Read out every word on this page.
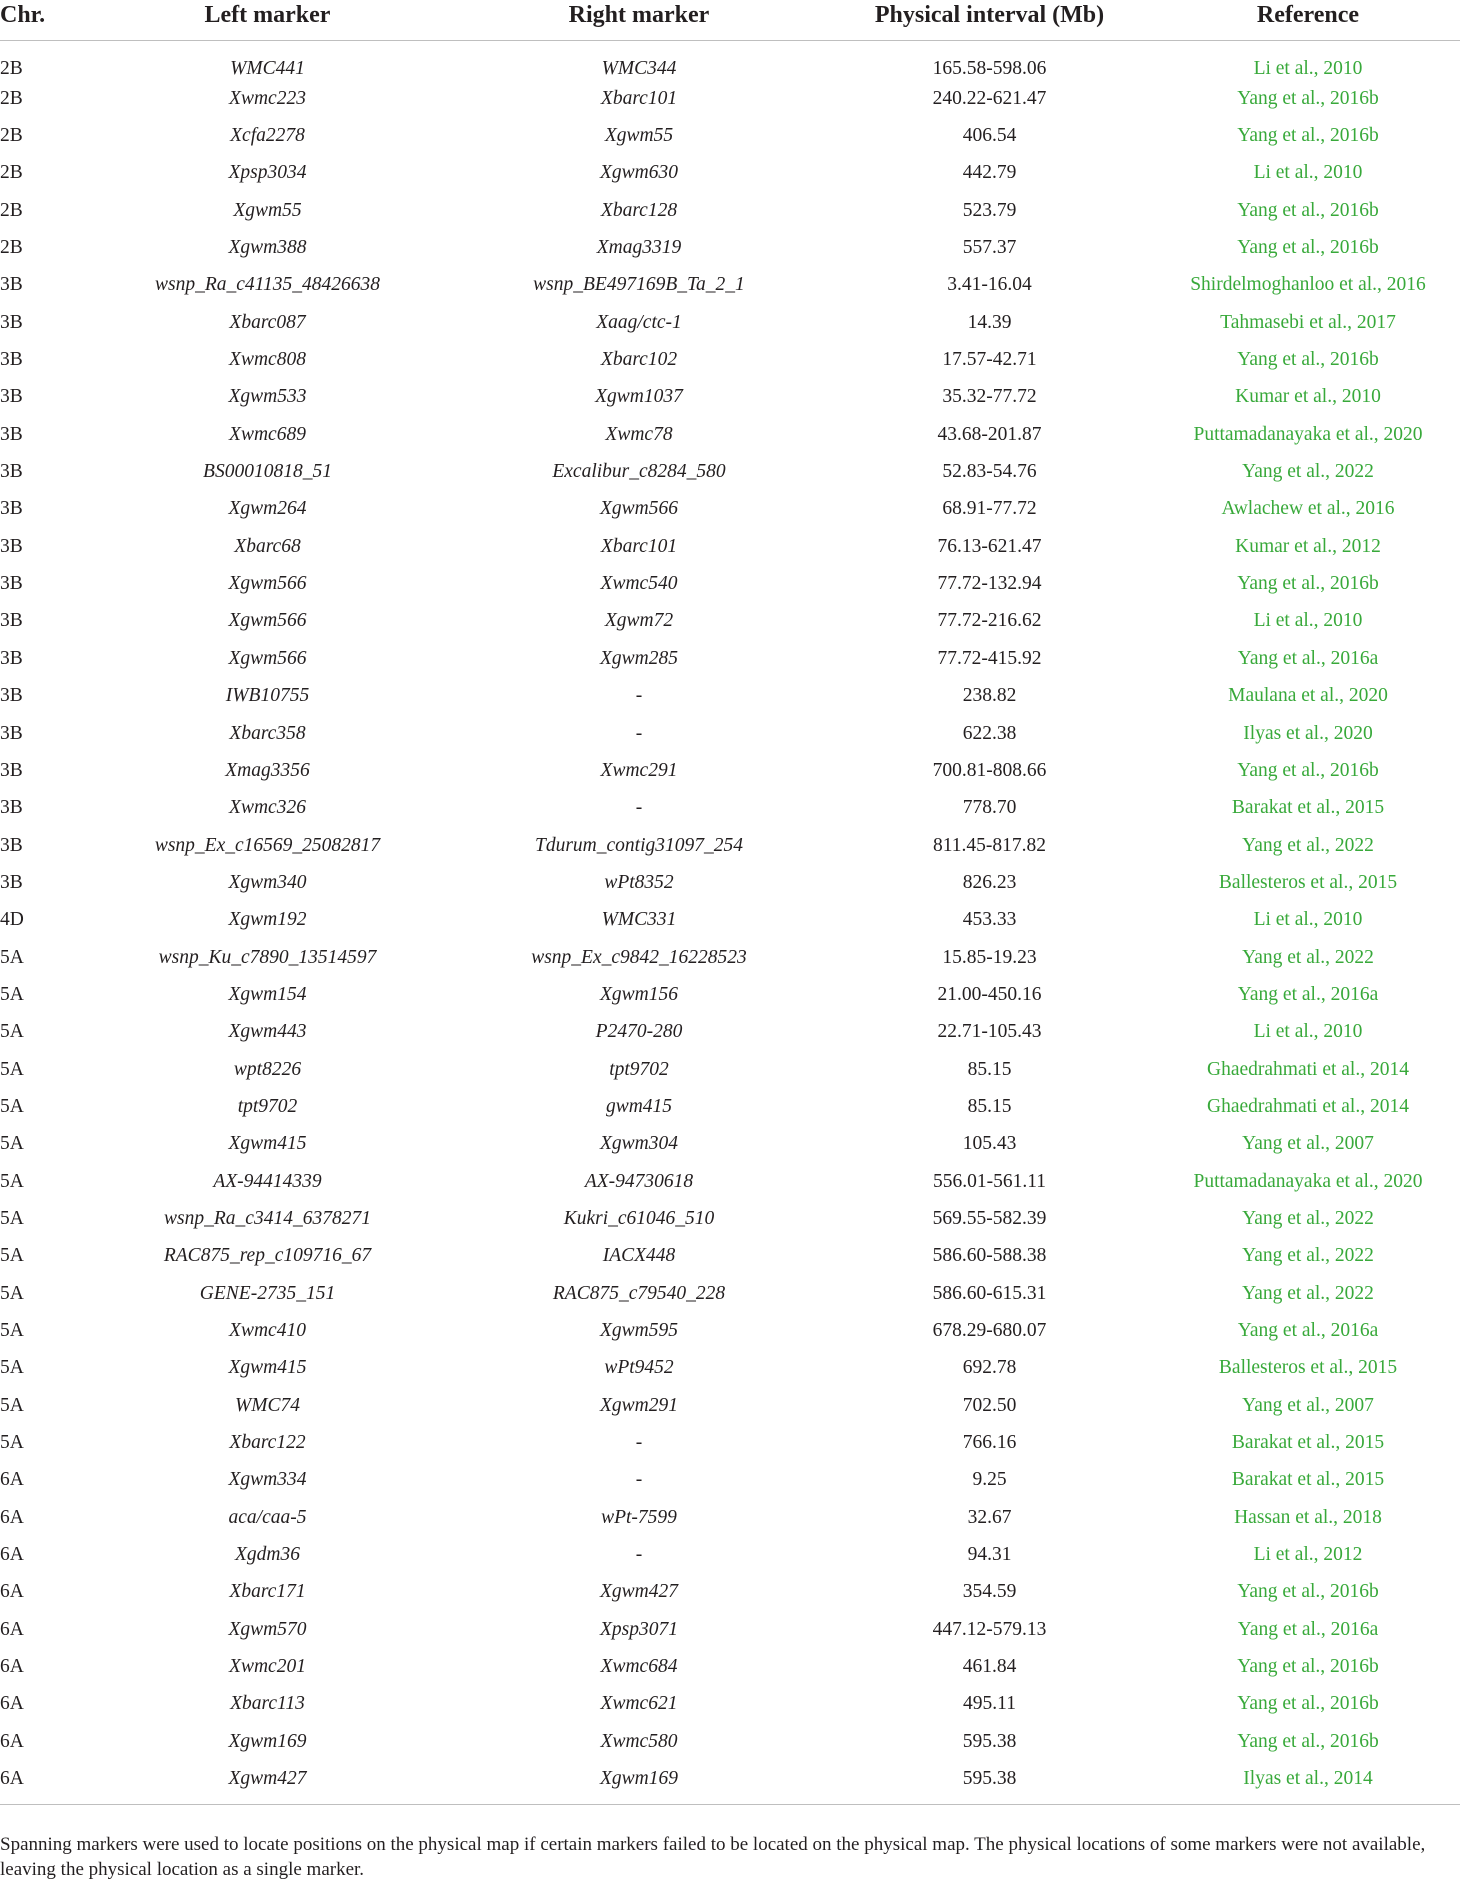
Chr.	Left marker	Right marker	Physical interval (Mb)	Reference
2B	WMC441	WMC344	165.58-598.06	Li et al., 2010
2B	Xwmc223	Xbarc101	240.22-621.47	Yang et al., 2016b
2B	Xcfa2278	Xgwm55	406.54	Yang et al., 2016b
2B	Xpsp3034	Xgwm630	442.79	Li et al., 2010
2B	Xgwm55	Xbarc128	523.79	Yang et al., 2016b
2B	Xgwm388	Xmag3319	557.37	Yang et al., 2016b
3B	wsnp_Ra_c41135_48426638	wsnp_BE497169B_Ta_2_1	3.41-16.04	Shirdelmoghanloo et al., 2016
3B	Xbarc087	Xaag/ctc-1	14.39	Tahmasebi et al., 2017
3B	Xwmc808	Xbarc102	17.57-42.71	Yang et al., 2016b
3B	Xgwm533	Xgwm1037	35.32-77.72	Kumar et al., 2010
3B	Xwmc689	Xwmc78	43.68-201.87	Puttamadanayaka et al., 2020
3B	BS00010818_51	Excalibur_c8284_580	52.83-54.76	Yang et al., 2022
3B	Xgwm264	Xgwm566	68.91-77.72	Awlachew et al., 2016
3B	Xbarc68	Xbarc101	76.13-621.47	Kumar et al., 2012
3B	Xgwm566	Xwmc540	77.72-132.94	Yang et al., 2016b
3B	Xgwm566	Xgwm72	77.72-216.62	Li et al., 2010
3B	Xgwm566	Xgwm285	77.72-415.92	Yang et al., 2016a
3B	IWB10755	-	238.82	Maulana et al., 2020
3B	Xbarc358	-	622.38	Ilyas et al., 2020
3B	Xmag3356	Xwmc291	700.81-808.66	Yang et al., 2016b
3B	Xwmc326	-	778.70	Barakat et al., 2015
3B	wsnp_Ex_c16569_25082817	Tdurum_contig31097_254	811.45-817.82	Yang et al., 2022
3B	Xgwm340	wPt8352	826.23	Ballesteros et al., 2015
4D	Xgwm192	WMC331	453.33	Li et al., 2010
5A	wsnp_Ku_c7890_13514597	wsnp_Ex_c9842_16228523	15.85-19.23	Yang et al., 2022
5A	Xgwm154	Xgwm156	21.00-450.16	Yang et al., 2016a
5A	Xgwm443	P2470-280	22.71-105.43	Li et al., 2010
5A	wpt8226	tpt9702	85.15	Ghaedrahmati et al., 2014
5A	tpt9702	gwm415	85.15	Ghaedrahmati et al., 2014
5A	Xgwm415	Xgwm304	105.43	Yang et al., 2007
5A	AX-94414339	AX-94730618	556.01-561.11	Puttamadanayaka et al., 2020
5A	wsnp_Ra_c3414_6378271	Kukri_c61046_510	569.55-582.39	Yang et al., 2022
5A	RAC875_rep_c109716_67	IACX448	586.60-588.38	Yang et al., 2022
5A	GENE-2735_151	RAC875_c79540_228	586.60-615.31	Yang et al., 2022
5A	Xwmc410	Xgwm595	678.29-680.07	Yang et al., 2016a
5A	Xgwm415	wPt9452	692.78	Ballesteros et al., 2015
5A	WMC74	Xgwm291	702.50	Yang et al., 2007
5A	Xbarc122	-	766.16	Barakat et al., 2015
6A	Xgwm334	-	9.25	Barakat et al., 2015
6A	aca/caa-5	wPt-7599	32.67	Hassan et al., 2018
6A	Xgdm36	-	94.31	Li et al., 2012
6A	Xbarc171	Xgwm427	354.59	Yang et al., 2016b
6A	Xgwm570	Xpsp3071	447.12-579.13	Yang et al., 2016a
6A	Xwmc201	Xwmc684	461.84	Yang et al., 2016b
6A	Xbarc113	Xwmc621	495.11	Yang et al., 2016b
6A	Xgwm169	Xwmc580	595.38	Yang et al., 2016b
6A	Xgwm427	Xgwm169	595.38	Ilyas et al., 2014
Spanning markers were used to locate positions on the physical map if certain markers failed to be located on the physical map. The physical locations of some markers were not available, leaving the physical location as a single marker.
